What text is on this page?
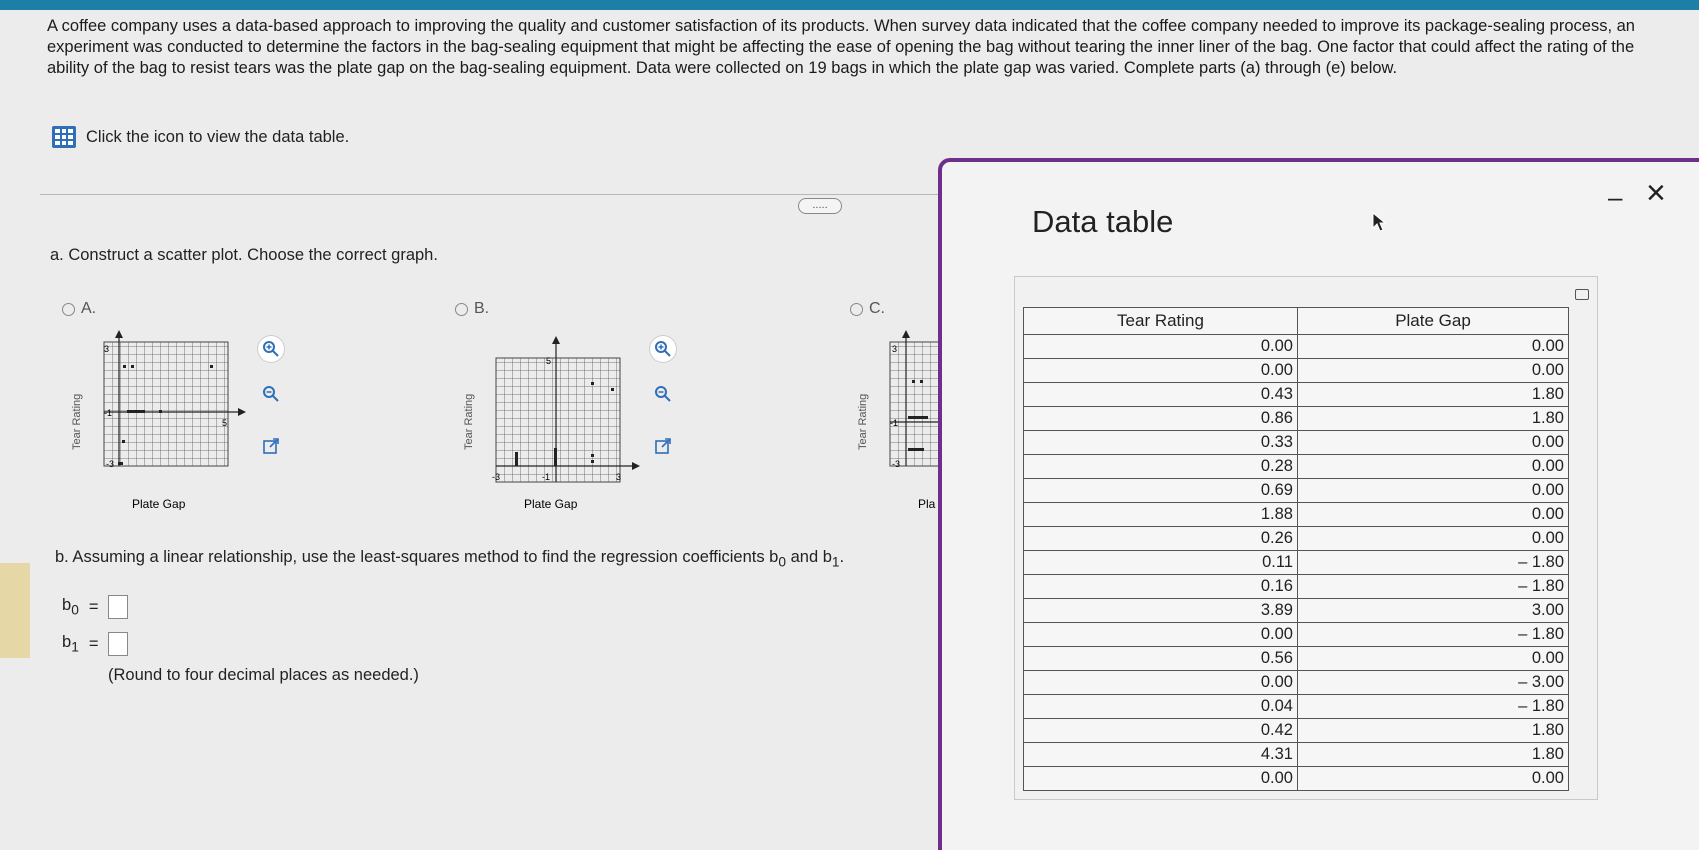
A coffee company uses a data-based approach to improving the quality and customer satisfaction of its products. When survey data indicated that the coffee company needed to improve its package-sealing process, an experiment was conducted to determine the factors in the bag-sealing equipment that might be affecting the ease of opening the bag without tearing the inner liner of the bag. One factor that could affect the rating of the ability of the bag to resist tears was the plate gap on the bag-sealing equipment. Data were collected on 19 bags in which the plate gap was varied. Complete parts (a) through (e) below.
Click the icon to view the data table.
.....
a. Construct a scatter plot. Choose the correct graph.
A.
3
-1
-3
5
Tear Rating
Plate Gap
B.
5
-3	-1	3
Tear Rating
Plate Gap
C.
3
-1
-3
Tear Rating
Pla
b. Assuming a linear relationship, use the least-squares method to find the regression coefficients $b_0$ and $b_1$.
$b_0$ =
$b_1$ =
(Round to four decimal places as needed.)
Data table
– ×
Tear Rating	Plate Gap
0.00	0.00
0.00	0.00
0.43	1.80
0.86	1.80
0.33	0.00
0.28	0.00
0.69	0.00
1.88	0.00
0.26	0.00
0.11	– 1.80
0.16	– 1.80
3.89	3.00
0.00	– 1.80
0.56	0.00
0.00	– 3.00
0.04	– 1.80
0.42	1.80
4.31	1.80
0.00	0.00
